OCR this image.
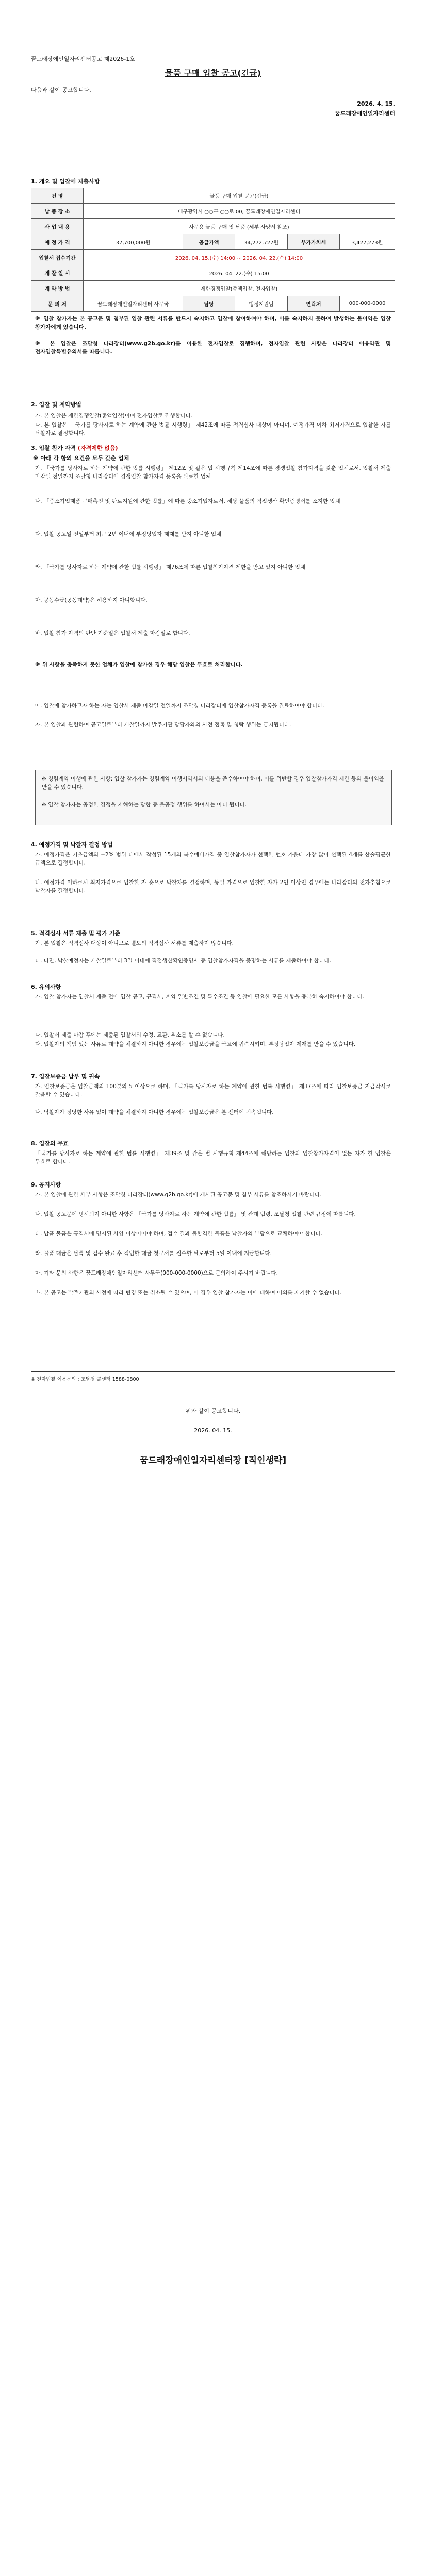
꿈드래장애인일자리센터공고 제2026-1호
물품 구매 입찰 공고(긴급)
다음과 같이 공고합니다.
2026. 4. 15.
꿈드래장애인일자리센터
1. 개요 및 입찰에 제출사항
건 명	물품 구매 입찰 공고(긴급)				
납 품 장 소	대구광역시 ○○구 ○○로 00, 꿈드래장애인일자리센터				
사 업 내 용	사무용 물품 구매 및 납품 (세부 사양서 참조)				
예 정 가 격	37,700,000원	공급가액	34,272,727원	부가가치세	3,427,273원
입찰서 접수기간	2026. 04. 15.(수) 14:00 ~ 2026. 04. 22.(수) 14:00				
개 찰 일 시	2026. 04. 22.(수) 15:00				
계 약 방 법	제한경쟁입찰(총액입찰, 전자입찰)				
문 의 처	꿈드래장애인일자리센터 사무국	담당	행정지원팀	연락처	000-000-0000
※ 입찰 참가자는 본 공고문 및 첨부된 입찰 관련 서류를 반드시 숙지하고 입찰에 참여하여야 하며, 이를 숙지하지 못하여 발생하는 불이익은 입찰 참가자에게 있습니다.
※ 본 입찰은 조달청 나라장터(www.g2b.go.kr)를 이용한 전자입찰로 집행하며, 전자입찰 관련 사항은 나라장터 이용약관 및 전자입찰특별유의서를 따릅니다.
2. 입찰 및 계약방법
가. 본 입찰은 제한경쟁입찰(총액입찰)이며 전자입찰로 집행합니다.
나. 본 입찰은 「국가를 당사자로 하는 계약에 관한 법률 시행령」 제42조에 따른 적격심사 대상이 아니며, 예정가격 이하 최저가격으로 입찰한 자를 낙찰자로 결정합니다.
3. 입찰 참가 자격 (자격제한 없음)
※ 아래 각 항의 요건을 모두 갖춘 업체
가. 「국가를 당사자로 하는 계약에 관한 법률 시행령」 제12조 및 같은 법 시행규칙 제14조에 따른 경쟁입찰 참가자격을 갖춘 업체로서, 입찰서 제출 마감일 전일까지 조달청 나라장터에 경쟁입찰 참가자격 등록을 완료한 업체
나. 「중소기업제품 구매촉진 및 판로지원에 관한 법률」에 따른 중소기업자로서, 해당 물품의 직접생산 확인증명서를 소지한 업체
다. 입찰 공고일 전일부터 최근 2년 이내에 부정당업자 제재를 받지 아니한 업체
라. 「국가를 당사자로 하는 계약에 관한 법률 시행령」 제76조에 따른 입찰참가자격 제한을 받고 있지 아니한 업체
마. 공동수급(공동계약)은 허용하지 아니합니다.
바. 입찰 참가 자격의 판단 기준일은 입찰서 제출 마감일로 합니다.
※ 위 사항을 충족하지 못한 업체가 입찰에 참가한 경우 해당 입찰은 무효로 처리합니다.
아. 입찰에 참가하고자 하는 자는 입찰서 제출 마감일 전일까지 조달청 나라장터에 입찰참가자격 등록을 완료하여야 합니다.
자. 본 입찰과 관련하여 공고일로부터 개찰일까지 발주기관 담당자와의 사전 접촉 및 청탁 행위는 금지됩니다.
※ 청렴계약 이행에 관한 사항: 입찰 참가자는 청렴계약 이행서약서의 내용을 준수하여야 하며, 이를 위반할 경우 입찰참가자격 제한 등의 불이익을 받을 수 있습니다.
※ 입찰 참가자는 공정한 경쟁을 저해하는 담합 등 불공정 행위를 하여서는 아니 됩니다.
4. 예정가격 및 낙찰자 결정 방법
가. 예정가격은 기초금액의 ±2% 범위 내에서 작성된 15개의 복수예비가격 중 입찰참가자가 선택한 번호 가운데 가장 많이 선택된 4개를 산술평균한 금액으로 결정합니다.
나. 예정가격 이하로서 최저가격으로 입찰한 자 순으로 낙찰자를 결정하며, 동일 가격으로 입찰한 자가 2인 이상인 경우에는 나라장터의 전자추첨으로 낙찰자를 결정합니다.
5. 적격심사 서류 제출 및 평가 기준
가. 본 입찰은 적격심사 대상이 아니므로 별도의 적격심사 서류를 제출하지 않습니다.
나. 다만, 낙찰예정자는 개찰일로부터 3일 이내에 직접생산확인증명서 등 입찰참가자격을 증명하는 서류를 제출하여야 합니다.
6. 유의사항
가. 입찰 참가자는 입찰서 제출 전에 입찰 공고, 규격서, 계약 일반조건 및 특수조건 등 입찰에 필요한 모든 사항을 충분히 숙지하여야 합니다.
나. 입찰서 제출 마감 후에는 제출된 입찰서의 수정, 교환, 취소를 할 수 없습니다.
다. 입찰자의 책임 있는 사유로 계약을 체결하지 아니한 경우에는 입찰보증금을 국고에 귀속시키며, 부정당업자 제재를 받을 수 있습니다.
7. 입찰보증금 납부 및 귀속
가. 입찰보증금은 입찰금액의 100분의 5 이상으로 하며, 「국가를 당사자로 하는 계약에 관한 법률 시행령」 제37조에 따라 입찰보증금 지급각서로 갈음할 수 있습니다.
나. 낙찰자가 정당한 사유 없이 계약을 체결하지 아니한 경우에는 입찰보증금은 본 센터에 귀속됩니다.
8. 입찰의 무효
「국가를 당사자로 하는 계약에 관한 법률 시행령」 제39조 및 같은 법 시행규칙 제44조에 해당하는 입찰과 입찰참가자격이 없는 자가 한 입찰은 무효로 합니다.
9. 공지사항
가. 본 입찰에 관한 세부 사항은 조달청 나라장터(www.g2b.go.kr)에 게시된 공고문 및 첨부 서류를 참조하시기 바랍니다.
나. 입찰 공고문에 명시되지 아니한 사항은 「국가를 당사자로 하는 계약에 관한 법률」 및 관계 법령, 조달청 입찰 관련 규정에 따릅니다.
다. 납품 물품은 규격서에 명시된 사양 이상이어야 하며, 검수 결과 불합격한 물품은 낙찰자의 부담으로 교체하여야 합니다.
라. 물품 대금은 납품 및 검수 완료 후 적법한 대금 청구서를 접수한 날로부터 5일 이내에 지급합니다.
마. 기타 문의 사항은 꿈드래장애인일자리센터 사무국(000-000-0000)으로 문의하여 주시기 바랍니다.
바. 본 공고는 발주기관의 사정에 따라 변경 또는 취소될 수 있으며, 이 경우 입찰 참가자는 이에 대하여 이의를 제기할 수 없습니다.
※ 전자입찰 이용문의 : 조달청 콜센터 1588-0800
위와 같이 공고합니다.
2026. 04. 15.
꿈드래장애인일자리센터장 [직인생략]
